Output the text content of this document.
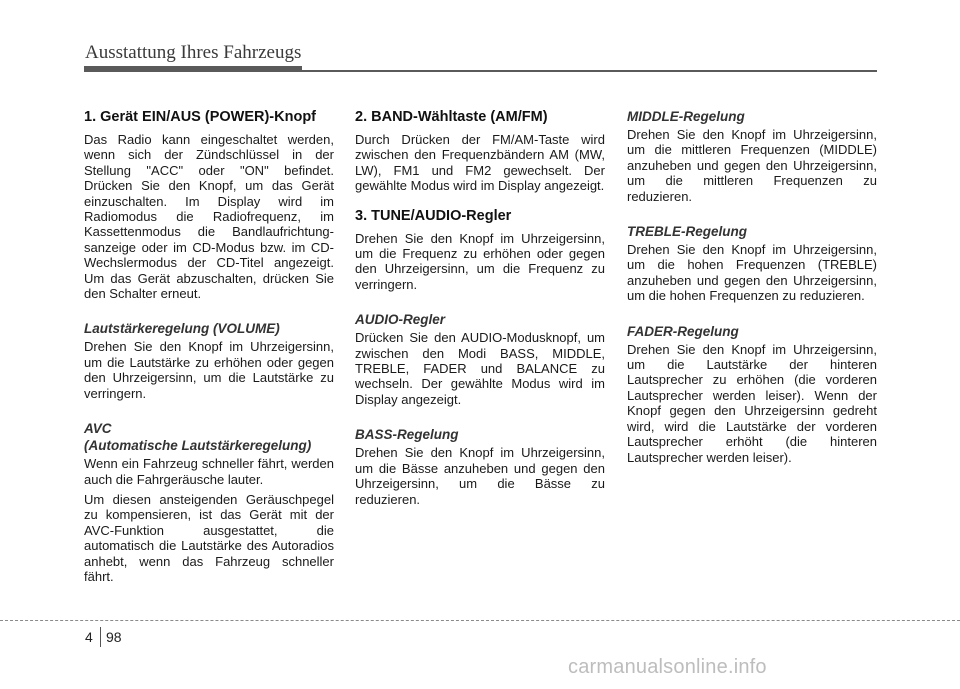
Ausstattung Ihres Fahrzeugs
1. Gerät EIN/AUS (POWER)-Knopf

Das Radio kann eingeschaltet werden, wenn sich der Zündschlüssel in der Stellung "ACC" oder "ON" befindet. Drücken Sie den Knopf, um das Gerät einzuschalten. Im Display wird im Radiomodus die Radiofrequenz, im Kassettenmodus die Bandlaufrichtung-sanzeige oder im CD-Modus bzw. im CD-Wechslermodus der CD-Titel angezeigt. Um das Gerät abzuschalten, drücken Sie den Schalter erneut.

Lautstärkeregelung (VOLUME)

Drehen Sie den Knopf im Uhrzeigersinn, um die Lautstärke zu erhöhen oder gegen den Uhrzeigersinn, um die Lautstärke zu verringern.

AVC
(Automatische Lautstärkeregelung)

Wenn ein Fahrzeug schneller fährt, werden auch die Fahrgeräusche lauter.

Um diesen ansteigenden Geräuschpegel zu kompensieren, ist das Gerät mit der AVC-Funktion ausgestattet, die automatisch die Lautstärke des Autoradios anhebt, wenn das Fahrzeug schneller fährt.

2. BAND-Wähltaste (AM/FM)

Durch Drücken der FM/AM-Taste wird zwischen den Frequenzbändern AM (MW, LW), FM1 und FM2 gewechselt. Der gewählte Modus wird im Display angezeigt.

3. TUNE/AUDIO-Regler

Drehen Sie den Knopf im Uhrzeigersinn, um die Frequenz zu erhöhen oder gegen den Uhrzeigersinn, um die Frequenz zu verringern.

AUDIO-Regler

Drücken Sie den AUDIO-Modusknopf, um zwischen den Modi BASS, MIDDLE, TREBLE, FADER und BALANCE zu wechseln. Der gewählte Modus wird im Display angezeigt.

BASS-Regelung

Drehen Sie den Knopf im Uhrzeigersinn, um die Bässe anzuheben und gegen den Uhrzeigersinn, um die Bässe zu reduzieren.

MIDDLE-Regelung

Drehen Sie den Knopf im Uhrzeigersinn, um die mittleren Frequenzen (MIDDLE) anzuheben und gegen den Uhrzeigersinn, um die mittleren Frequenzen zu reduzieren.

TREBLE-Regelung

Drehen Sie den Knopf im Uhrzeigersinn, um die hohen Frequenzen (TREBLE) anzuheben und gegen den Uhrzeigersinn, um die hohen Frequenzen zu reduzieren.

FADER-Regelung

Drehen Sie den Knopf im Uhrzeigersinn, um die Lautstärke der hinteren Lautsprecher zu erhöhen (die vorderen Lautsprecher werden leiser). Wenn der Knopf gegen den Uhrzeigersinn gedreht wird, wird die Lautstärke der vorderen Lautsprecher erhöht (die hinteren Lautsprecher werden leiser).

4 98
carmanualsonline.info
